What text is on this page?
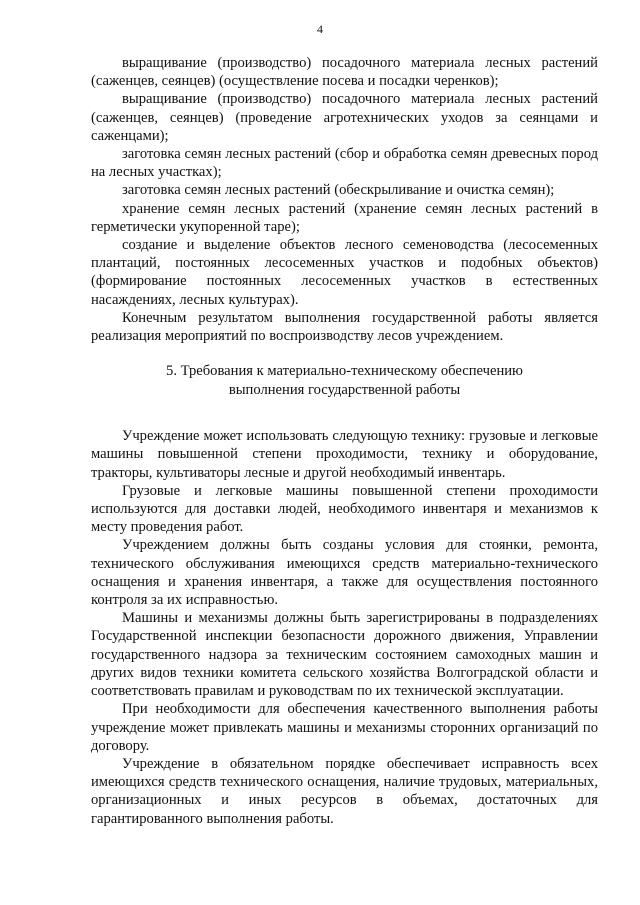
4

выращивание (производство) посадочного материала лесных растений (саженцев, сеянцев) (осуществление посева и посадки черенков);

выращивание (производство) посадочного материала лесных растений (саженцев, сеянцев) (проведение агротехнических уходов за сеянцами и саженцами);

заготовка семян лесных растений (сбор и обработка семян древесных пород на лесных участках);

заготовка семян лесных растений (обескрыливание и очистка семян);

хранение семян лесных растений (хранение семян лесных растений в герметически укупоренной таре);

создание и выделение объектов лесного семеноводства (лесосеменных плантаций, постоянных лесосеменных участков и подобных объектов) (формирование постоянных лесосеменных участков в естественных насаждениях, лесных культурах).

Конечным результатом выполнения государственной работы является реализация мероприятий по воспроизводству лесов учреждением.

5. Требования к материально-техническому обеспечению
выполнения государственной работы

Учреждение может использовать следующую технику: грузовые и легковые машины повышенной степени проходимости, технику и оборудование, тракторы, культиваторы лесные и другой необходимый инвентарь.

Грузовые и легковые машины повышенной степени проходимости используются для доставки людей, необходимого инвентаря и механизмов к месту проведения работ.

Учреждением должны быть созданы условия для стоянки, ремонта, технического обслуживания имеющихся средств материально-технического оснащения и хранения инвентаря, а также для осуществления постоянного контроля за их исправностью.

Машины и механизмы должны быть зарегистрированы в подразделениях Государственной инспекции безопасности дорожного движения, Управлении государственного надзора за техническим состоянием самоходных машин и других видов техники комитета сельского хозяйства Волгоградской области и соответствовать правилам и руководствам по их технической эксплуатации.

При необходимости для обеспечения качественного выполнения работы учреждение может привлекать машины и механизмы сторонних организаций по договору.

Учреждение в обязательном порядке обеспечивает исправность всех имеющихся средств технического оснащения, наличие трудовых, материальных, организационных и иных ресурсов в объемах, достаточных для гарантированного выполнения работы.
